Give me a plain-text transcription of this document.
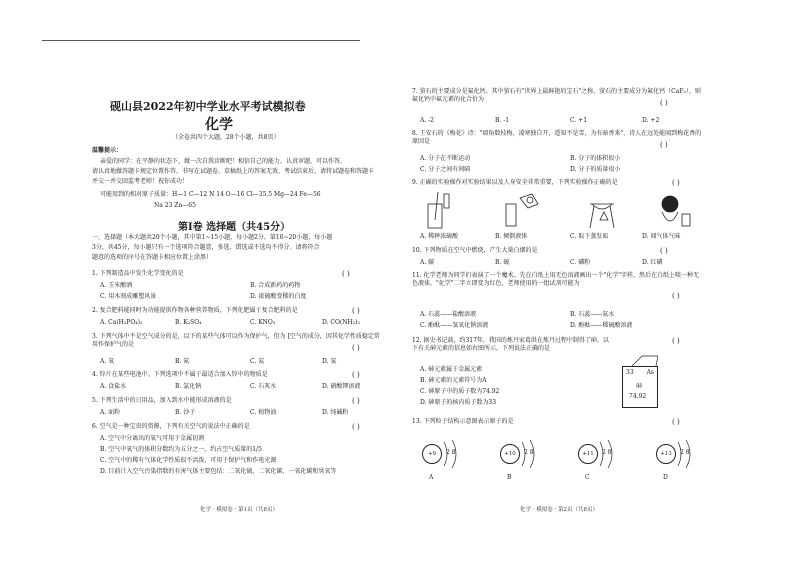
砚山县2022年初中学业水平考试模拟卷
化学
（全卷共四个大题，28个小题，共8页）
温馨提示：
亲爱的同学：在平静的状态下，做一次自我诊断吧！相信自己的能力，认真审题，可以作答，
请认真地做答题卡规定位置作答，书写在试题卷，草稿纸上的答案无效，考试结束后，请将试题卷和答题卡
并交一并交回监考老师！祝你成功！
可能用到的相对原子质量：H—1 C—12 N 14 O—16 Cl—35.5 Mg—24 Fe—56
Na 23 Zn—65
第Ⅰ卷 选择题（共45分）
一、选择题（本大题共20个小题，其中第1~15小题，每小题2分，第16~20小题，每小题
3分，共45分，每小题只有一个选项符合题意，多选、错选或不选均不得分。请将符合
题意的选项的序号在答题卡相应位置上涂黑）
1. 下列制造品中发生化学变化的是	( )
A. 玉米酿酒	B. 合成新药的药物
C. 用木刻成雕塑风景	D. 浓硫酸变稀的白度
2. 复合肥料能同时为功能提供作物各种营养物质，下列化肥属于复合肥料的是	( )
A. Ca(H₂PO₄)₂	B. K₂SO₄	C. KNO₃	D. CO(NH₂)₂
3. 下列气体中不是空气成分的是，以下的某些气体可以作为保护气，但为 [空气的成分，因其化学性质稳定常用作保护气的是	( )
A. 氧	B. 氮	C. 氦	D. 氩
4. 锌片在某些电池中。下列选项中不属于最适合加入锌中的物质是	( )
A. 食盐水	B. 氯化钠	C. 石灰水	D. 硝酸钾溶液
5. 下列生活中的日用品，加入到水中能形成溶液的是	( )
A. 面粉	B. 沙子	C. 植物油	D. 纯碱粉
6. 空气是一种宝贵的资源，下列有关空气的说法中正确的是	( )
A. 空气中分离出的氧气可用于金属切割
B. 空气中氧气的体积分数约为五分之一，约占空气质量的1/5
C. 空气中的稀有气体化学性质很不活泼，可用于保护气和作电光源
D. 目前计入空气污染指数的有害气体主要包括：二氧化硫、二氧化碳、一氧化碳和臭氧等
化学 · 模拟卷 · 第1页（共8页）
7. 萤石的主要成分是氟化钙。其中萤石有"世界上最鲜艳的宝石"之称，萤石的主要成分为氟化钙（CaF₂），则氟化钙中氟元素的化合价为	( )
A. -2	B. -1	C. +1	D. +2
8. 王安石的《梅花》诗："墙角数枝梅，凌寒独自开，遥知不是雪，为有暗香来"，诗人在远处能闻到梅花香的原因是	( )
A. 分子在不断运动	B. 分子的体积很小
C. 分子之间有间隔	D. 分子的质量很小
9. 正确的实验操作对实验结果以及人身安全非常重要，下列实验操作正确的是	( )
A. 稀释浓硫酸	B. 倾倒液体	C. 取下蒸发皿	D. 闻气体气味
10. 下列物质在空气中燃烧，产生大量白烟的是	( )
A. 碳	B. 硫	C. 磷粉	D. 红磷
11. 化学老师为同学们表演了一个魔术。先在白纸上用无色溶液画出一个"化学"字样，然后在白纸上喷一种无色液体，"化学"二字立即变为红色，老师使用的一组试剂可能为
( )
A. 石蕊——盐酸溶液	B. 石蕊——氨水
C. 酚酞——氢氧化钠溶液	D. 酚酞——稀硫酸溶液
12. 据史书记载，约317年，我国的炼丹家葛洪在炼丹过程中制得了砷，以下有关砷元素的信息如右图所示，下列说法正确的是
( )
A. 砷元素属于金属元素
B. 砷元素的元素符号为A
C. 砷原子中的质子数为74.92
D. 砷原子的核内质子数为33
33 As
砷
74.92
13. 下列粒子结构示意图表示原子的是	( )
+9	2 8	+10	2 8	+11	2 8	+13	2 8
A	B	C	D
化学 · 模拟卷 · 第2页（共8页）
